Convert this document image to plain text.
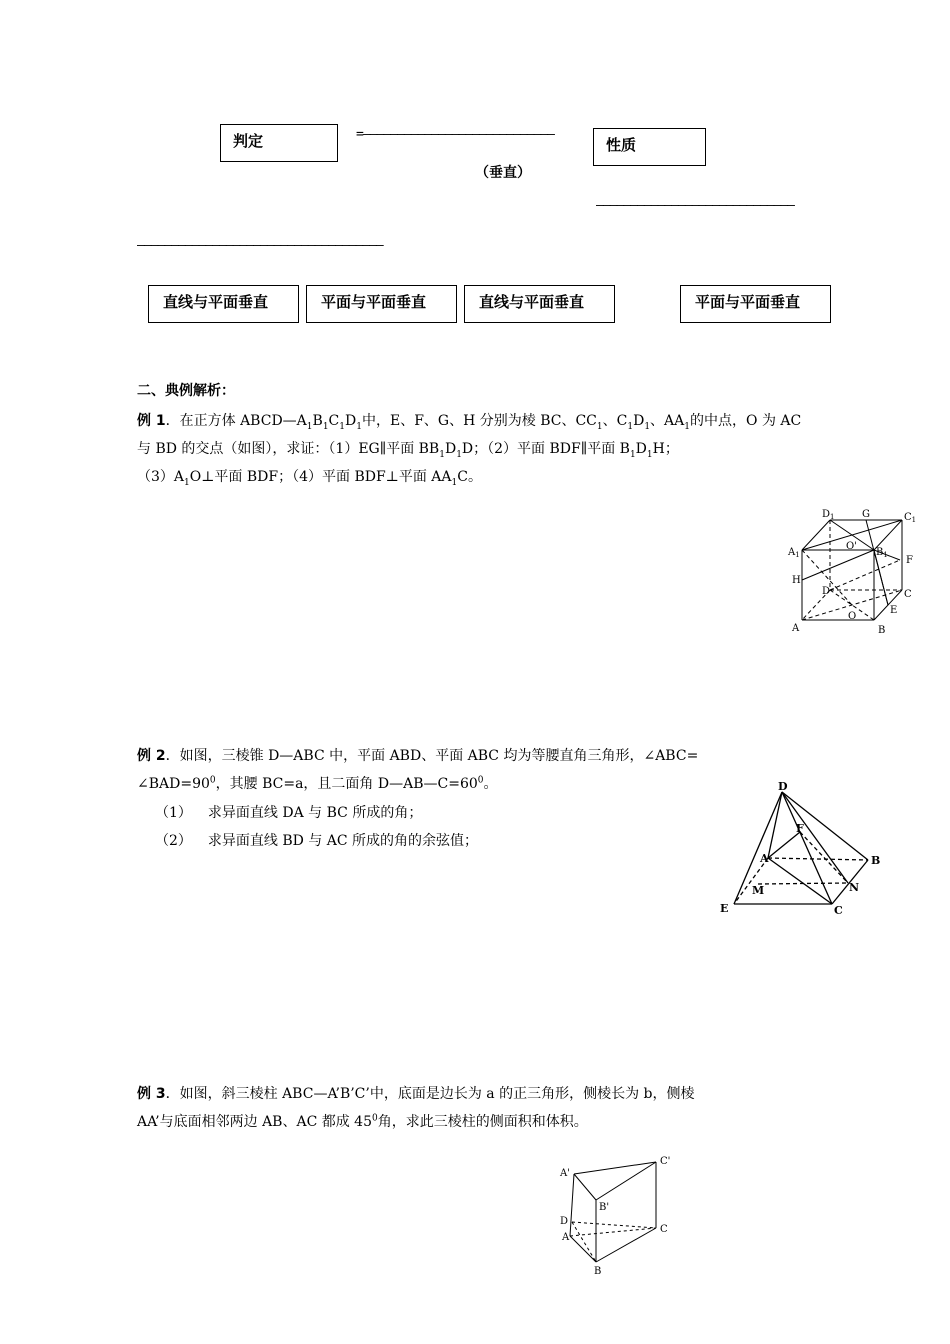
判定	=————————————————————————————
性质
（垂直）
—————————————————————————————
————————————————————————————————————
直线与平面垂直	平面与平面垂直	直线与平面垂直	平面与平面垂直
二、典例解析：
例 1．在正方体 $ABCD—A_1B_1C_1D_1$中，E、F、G、H 分别为棱 BC、$CC_1$、$C_1D_1$、$AA_1$的中点，O 为 AC
与 BD 的交点（如图），求证：（1）EG∥平面 $BB_1D_1D$；（2）平面 BDF∥平面 $B_1D_1H$；
$(3)A_1O\perp$平面 BDF；（4）平面 BDF⊥平面 $AA_1C$。
$D_1$	G	$C_1$
$A_1$
O'
$B_1$ F
H
D	C
O
E
A	B
例 2．如图，三棱锥 D—ABC 中，平面 ABD、平面 ABC 均为等腰直角三角形，∠ABC=
$\angle BAD=90^0$，其腰 BC=a，且二面角 $D—AB—C=60^0$。
（1） 求异面直线 DA 与 BC 所成的角；
（2） 求异面直线 BD 与 AC 所成的角的余弦值；
D
F
A	B
M	N
E	C
例 3．如图，斜三棱柱 ABC—A’B’C’中，底面是边长为 a 的正三角形，侧棱长为 b，侧棱
AA’与底面相邻两边 AB、AC 都成 $45^0$角，求此三棱柱的侧面积和体积。
A'
C'
B'
D
A
C
B
